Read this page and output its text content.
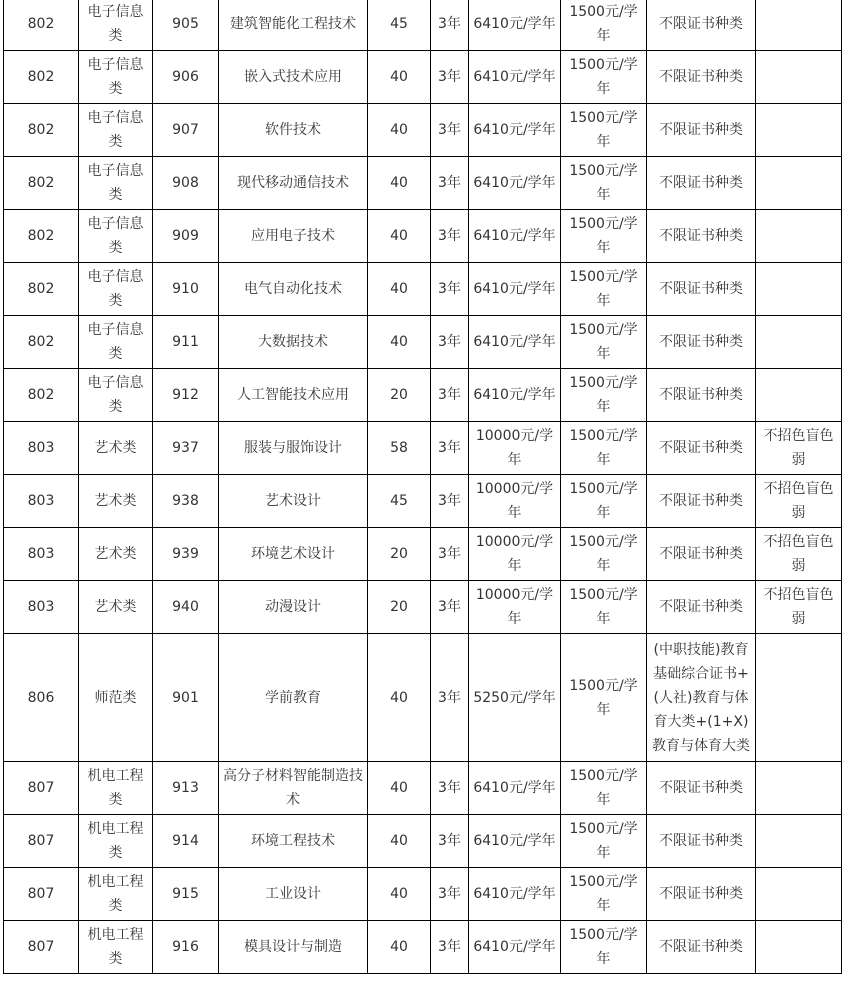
802	电子信息类	905	建筑智能化工程技术	45	3年	6410元/学年	1500元/学年	不限证书种类	
802	电子信息类	906	嵌入式技术应用	40	3年	6410元/学年	1500元/学年	不限证书种类	
802	电子信息类	907	软件技术	40	3年	6410元/学年	1500元/学年	不限证书种类	
802	电子信息类	908	现代移动通信技术	40	3年	6410元/学年	1500元/学年	不限证书种类	
802	电子信息类	909	应用电子技术	40	3年	6410元/学年	1500元/学年	不限证书种类	
802	电子信息类	910	电气自动化技术	40	3年	6410元/学年	1500元/学年	不限证书种类	
802	电子信息类	911	大数据技术	40	3年	6410元/学年	1500元/学年	不限证书种类	
802	电子信息类	912	人工智能技术应用	20	3年	6410元/学年	1500元/学年	不限证书种类	
803	艺术类	937	服装与服饰设计	58	3年	10000元/学年	1500元/学年	不限证书种类	不招色盲色弱
803	艺术类	938	艺术设计	45	3年	10000元/学年	1500元/学年	不限证书种类	不招色盲色弱
803	艺术类	939	环境艺术设计	20	3年	10000元/学年	1500元/学年	不限证书种类	不招色盲色弱
803	艺术类	940	动漫设计	20	3年	10000元/学年	1500元/学年	不限证书种类	不招色盲色弱
806	师范类	901	学前教育	40	3年	5250元/学年	1500元/学年	(中职技能)教育基础综合证书+(人社)教育与体育大类+(1+X)教育与体育大类	
807	机电工程类	913	高分子材料智能制造技术	40	3年	6410元/学年	1500元/学年	不限证书种类	
807	机电工程类	914	环境工程技术	40	3年	6410元/学年	1500元/学年	不限证书种类	
807	机电工程类	915	工业设计	40	3年	6410元/学年	1500元/学年	不限证书种类	
807	机电工程类	916	模具设计与制造	40	3年	6410元/学年	1500元/学年	不限证书种类	
